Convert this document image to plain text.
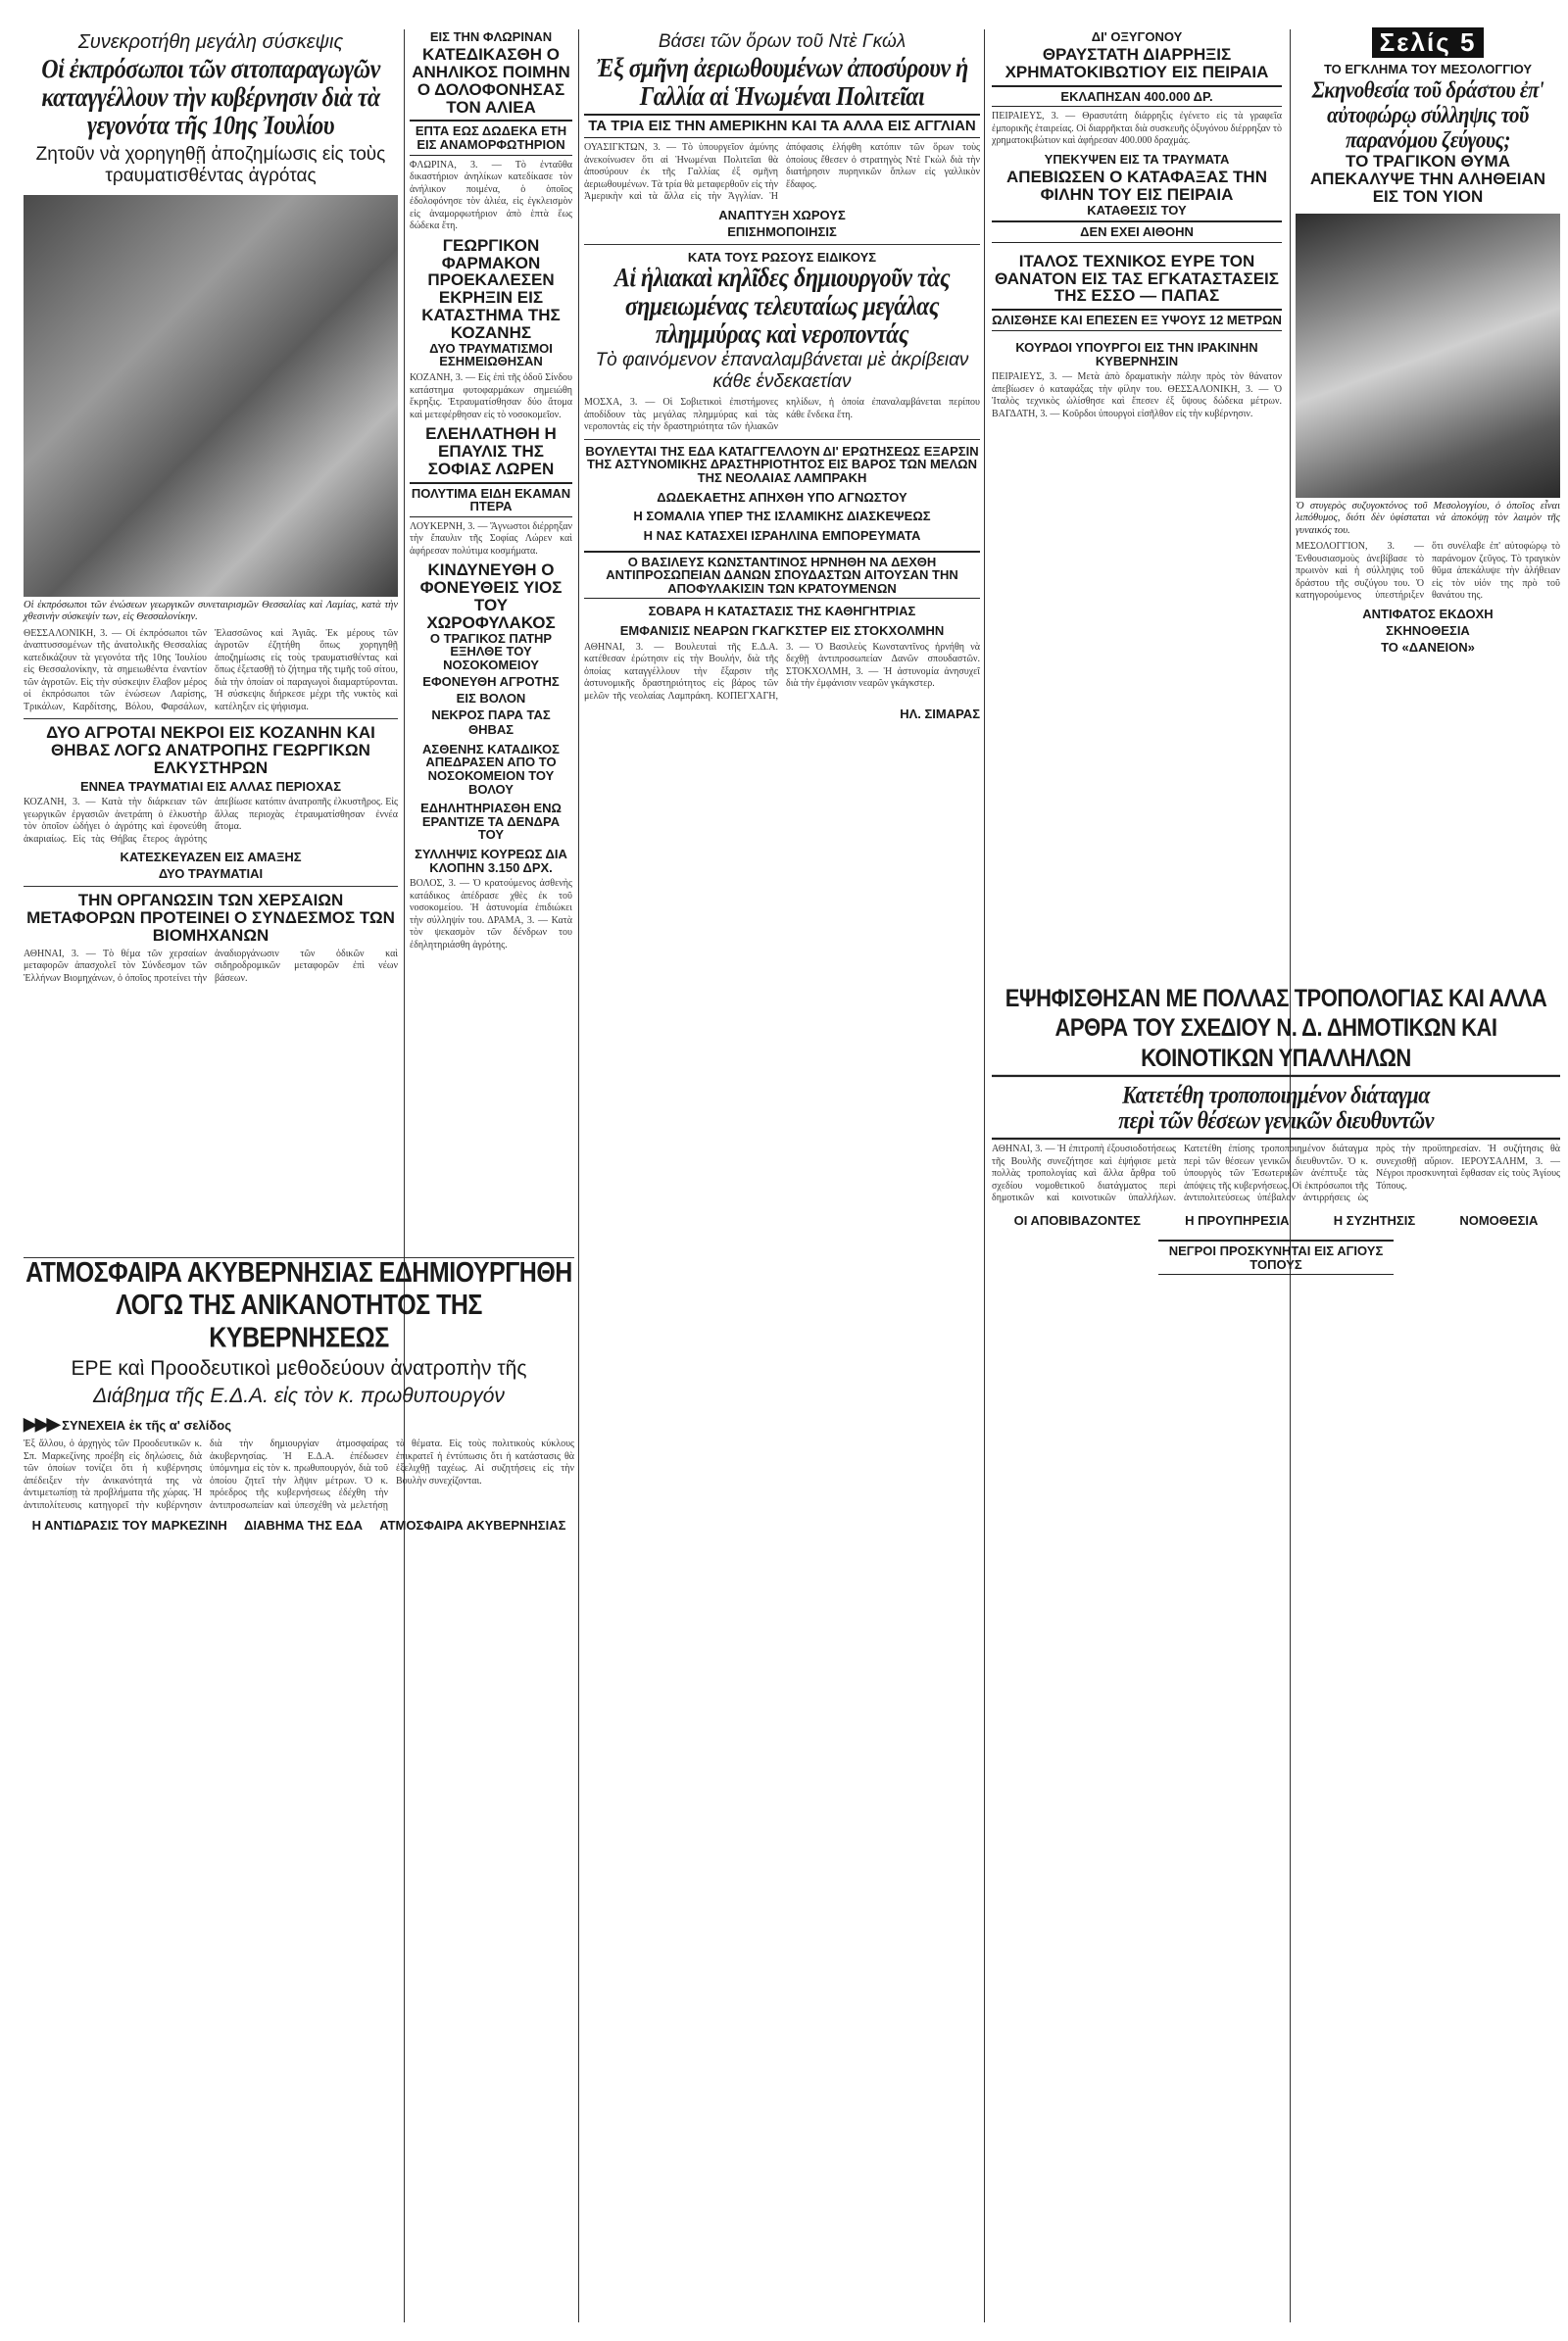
Συνεκροτήθη μεγάλη σύσκεψις
Οἱ ἐκπρόσωποι τῶν σιτοπαραγωγῶν καταγγέλλουν τὴν κυβέρνησιν διὰ τὰ γεγονότα τῆς 10ης Ἰουλίου
Ζητοῦν νὰ χορηγηθῇ ἀποζημίωσις εἰς τοὺς τραυματισθέντας ἀγρότας
Οἱ ἐκπρόσωποι τῶν ἑνώσεων γεωργικῶν συνεταιρισμῶν Θεσσαλίας καὶ Λαμίας, κατὰ τὴν χθεσινὴν σύσκεψίν των, εἰς Θεσσαλονίκην.
ΘΕΣΣΑΛΟΝΙΚΗ, 3. — Οἱ ἐκπρόσωποι τῶν ἀναπτυσσομένων τῆς ἀνατολικῆς Θεσσαλίας κατεδικάζουν τὰ γεγονότα τῆς 10ης Ἰουλίου εἰς Θεσσαλονίκην, τὰ σημειωθέντα ἐναντίον τῶν ἀγροτῶν. Εἰς τὴν σύσκεψιν ἔλαβον μέρος οἱ ἐκπρόσωποι τῶν ἑνώσεων Λαρίσης, Τρικάλων, Καρδίτσης, Βόλου, Φαρσάλων, Ἐλασσῶνος καὶ Ἀγιᾶς. Ἐκ μέρους τῶν ἀγροτῶν ἐζητήθη ὅπως χορηγηθῇ ἀποζημίωσις εἰς τοὺς τραυματισθέντας καὶ ὅπως ἐξετασθῇ τὸ ζήτημα τῆς τιμῆς τοῦ σίτου, διὰ τὴν ὁποίαν οἱ παραγωγοὶ διαμαρτύρονται. Ἡ σύσκεψις διήρκεσε μέχρι τῆς νυκτὸς καὶ κατέληξεν εἰς ψήφισμα.
ΔΥΟ ΑΓΡΟΤΑΙ ΝΕΚΡΟΙ ΕΙΣ ΚΟΖΑΝΗΝ ΚΑΙ ΘΗΒΑΣ ΛΟΓΩ ΑΝΑΤΡΟΠΗΣ ΓΕΩΡΓΙΚΩΝ ΕΛΚΥΣΤΗΡΩΝ
ΕΝΝΕΑ ΤΡΑΥΜΑΤΙΑΙ ΕΙΣ ΑΛΛΑΣ ΠΕΡΙΟΧΑΣ
ΚΟΖΑΝΗ, 3. — Κατὰ τὴν διάρκειαν τῶν γεωργικῶν ἐργασιῶν ἀνετράπη ὁ ἐλκυστὴρ τὸν ὁποῖον ὡδήγει ὁ ἀγρότης καὶ ἐφονεύθη ἀκαριαίως. Εἰς τὰς Θήβας ἕτερος ἀγρότης ἀπεβίωσε κατόπιν ἀνατροπῆς ἐλκυστῆρος. Εἰς ἄλλας περιοχὰς ἐτραυματίσθησαν ἐννέα ἄτομα.
ΚΑΤΕΣΚΕΥΑΖΕΝ ΕΙΣ ΑΜΑΞΗΣ
ΔΥΟ ΤΡΑΥΜΑΤΙΑΙ
ΤΗΝ ΟΡΓΑΝΩΣΙΝ ΤΩΝ ΧΕΡΣΑΙΩΝ ΜΕΤΑΦΟΡΩΝ ΠΡΟΤΕΙΝΕΙ Ο ΣΥΝΔΕΣΜΟΣ ΤΩΝ ΒΙΟΜΗΧΑΝΩΝ
ΑΘΗΝΑΙ, 3. — Τὸ θέμα τῶν χερσαίων μεταφορῶν ἀπασχολεῖ τὸν Σύνδεσμον τῶν Ἑλλήνων Βιομηχάνων, ὁ ὁποῖος προτείνει τὴν ἀναδιοργάνωσιν τῶν ὁδικῶν καὶ σιδηροδρομικῶν μεταφορῶν ἐπὶ νέων βάσεων.
ΕΙΣ ΤΗΝ ΦΛΩΡΙΝΑΝ
ΚΑΤΕΔΙΚΑΣΘΗ Ο ΑΝΗΛΙΚΟΣ ΠΟΙΜΗΝ Ο ΔΟΛΟΦΟΝΗΣΑΣ ΤΟΝ ΑΛΙΕΑ
ΕΠΤΑ ΕΩΣ ΔΩΔΕΚΑ ΕΤΗ ΕΙΣ ΑΝΑΜΟΡΦΩΤΗΡΙΟΝ
ΦΛΩΡΙΝΑ, 3. — Τὸ ἐνταῦθα δικαστήριον ἀνηλίκων κατεδίκασε τὸν ἀνήλικον ποιμένα, ὁ ὁποῖος ἐδολοφόνησε τὸν ἁλιέα, εἰς ἐγκλεισμὸν εἰς ἀναμορφωτήριον ἀπὸ ἑπτὰ ἕως δώδεκα ἔτη.
ΓΕΩΡΓΙΚΟΝ ΦΑΡΜΑΚΟΝ ΠΡΟΕΚΑΛΕΣΕΝ ΕΚΡΗΞΙΝ ΕΙΣ ΚΑΤΑΣΤΗΜΑ ΤΗΣ ΚΟΖΑΝΗΣ
ΔΥΟ ΤΡΑΥΜΑΤΙΣΜΟΙ
ΕΣΗΜΕΙΩΘΗΣΑΝ
ΚΟΖΑΝΗ, 3. — Εἰς ἐπὶ τῆς ὁδοῦ Σίνδου κατάστημα φυτοφαρμάκων σημειώθη ἔκρηξις. Ἐτραυματίσθησαν δύο ἄτομα καὶ μετεφέρθησαν εἰς τὸ νοσοκομεῖον.
ΕΛΕΗΛΑΤΗΘΗ Η ΕΠΑΥΛΙΣ ΤΗΣ ΣΟΦΙΑΣ ΛΩΡΕΝ
ΠΟΛΥΤΙΜΑ ΕΙΔΗ ΕΚΑΜΑΝ ΠΤΕΡΑ
ΛΟΥΚΕΡΝΗ, 3. — Ἄγνωστοι διέρρηξαν τὴν ἔπαυλιν τῆς Σοφίας Λώρεν καὶ ἀφήρεσαν πολύτιμα κοσμήματα.
ΚΙΝΔΥΝΕΥΘΗ Ο ΦΟΝΕΥΘΕΙΣ ΥΙΟΣ ΤΟΥ ΧΩΡΟΦΥΛΑΚΟΣ
Ο ΤΡΑΓΙΚΟΣ ΠΑΤΗΡ
ΕΞΗΛΘΕ ΤΟΥ ΝΟΣΟΚΟΜΕΙΟΥ
ΕΦΟΝΕΥΘΗ ΑΓΡΟΤΗΣ
ΕΙΣ ΒΟΛΟΝ
ΝΕΚΡΟΣ ΠΑΡΑ ΤΑΣ ΘΗΒΑΣ
ΑΣΘΕΝΗΣ ΚΑΤΑΔΙΚΟΣ ΑΠΕΔΡΑΣΕΝ ΑΠΟ ΤΟ ΝΟΣΟΚΟΜΕΙΟΝ ΤΟΥ ΒΟΛΟΥ
ΕΔΗΛΗΤΗΡΙΑΣΘΗ ΕΝΩ ΕΡΑΝΤΙΖΕ ΤΑ ΔΕΝΔΡΑ ΤΟΥ
ΣΥΛΛΗΨΙΣ ΚΟΥΡΕΩΣ ΔΙΑ ΚΛΟΠΗΝ 3.150 ΔΡΧ.
ΒΟΛΟΣ, 3. — Ὁ κρατούμενος ἀσθενὴς κατάδικος ἀπέδρασε χθὲς ἐκ τοῦ νοσοκομείου. Ἡ ἀστυνομία ἐπιδιώκει τὴν σύλληψίν του. ΔΡΑΜΑ, 3. — Κατὰ τὸν ψεκασμὸν τῶν δένδρων του ἐδηλητηριάσθη ἀγρότης.
Βάσει τῶν ὅρων τοῦ Ντὲ Γκώλ
Ἐξ σμῆνη ἀεριωθουμένων ἀποσύρουν ἡ Γαλλία αἱ Ἡνωμέναι Πολιτεῖαι
ΤΑ ΤΡΙΑ ΕΙΣ ΤΗΝ ΑΜΕΡΙΚΗΝ ΚΑΙ ΤΑ ΑΛΛΑ ΕΙΣ ΑΓΓΛΙΑΝ
ΟΥΑΣΙΓΚΤΩΝ, 3. — Τὸ ὑπουργεῖον ἀμύνης ἀνεκοίνωσεν ὅτι αἱ Ἡνωμέναι Πολιτεῖαι θὰ ἀποσύρουν ἐκ τῆς Γαλλίας ἐξ σμῆνη ἀεριωθουμένων. Τὰ τρία θὰ μεταφερθοῦν εἰς τὴν Ἀμερικὴν καὶ τὰ ἄλλα εἰς τὴν Ἀγγλίαν. Ἡ ἀπόφασις ἐλήφθη κατόπιν τῶν ὅρων τοὺς ὁποίους ἔθεσεν ὁ στρατηγὸς Ντὲ Γκὼλ διὰ τὴν διατήρησιν πυρηνικῶν ὅπλων εἰς γαλλικὸν ἔδαφος.
ΑΝΑΠΤΥΞΗ ΧΩΡΟΥΣ
ΕΠΙΣΗΜΟΠΟΙΗΣΙΣ
ΚΑΤΑ ΤΟΥΣ ΡΩΣΟΥΣ ΕΙΔΙΚΟΥΣ
Αἱ ἡλιακαὶ κηλῖδες δημιουργοῦν τὰς σημειωμένας τελευταίως μεγάλας πλημμύρας καὶ νεροποντάς
Τὸ φαινόμενον ἐπαναλαμβάνεται μὲ ἀκρίβειαν κάθε ἑνδεκαετίαν
ΜΟΣΧΑ, 3. — Οἱ Σοβιετικοὶ ἐπιστήμονες ἀποδίδουν τὰς μεγάλας πλημμύρας καὶ τὰς νεροποντὰς εἰς τὴν δραστηριότητα τῶν ἡλιακῶν κηλίδων, ἡ ὁποία ἐπαναλαμβάνεται περίπου κάθε ἕνδεκα ἔτη.
ΒΟΥΛΕΥΤΑΙ ΤΗΣ ΕΔΑ ΚΑΤΑΓΓΕΛΛΟΥΝ ΔΙ' ΕΡΩΤΗΣΕΩΣ ΕΞΑΡΣΙΝ ΤΗΣ ΑΣΤΥΝΟΜΙΚΗΣ ΔΡΑΣΤΗΡΙΟΤΗΤΟΣ ΕΙΣ ΒΑΡΟΣ ΤΩΝ ΜΕΛΩΝ ΤΗΣ ΝΕΟΛΑΙΑΣ ΛΑΜΠΡΑΚΗ
ΔΩΔΕΚΑΕΤΗΣ ΑΠΗΧΘΗ ΥΠΟ ΑΓΝΩΣΤΟΥ
Η ΣΟΜΑΛΙΑ ΥΠΕΡ ΤΗΣ ΙΣΛΑΜΙΚΗΣ ΔΙΑΣΚΕΨΕΩΣ
Η ΝΑΣ ΚΑΤΑΣΧΕΙ ΙΣΡΑΗΛΙΝΑ ΕΜΠΟΡΕΥΜΑΤΑ
Ο ΒΑΣΙΛΕΥΣ ΚΩΝΣΤΑΝΤΙΝΟΣ ΗΡΝΗΘΗ ΝΑ ΔΕΧΘΗ ΑΝΤΙΠΡΟΣΩΠΕΙΑΝ ΔΑΝΩΝ ΣΠΟΥΔΑΣΤΩΝ ΑΙΤΟΥΣΑΝ ΤΗΝ ΑΠΟΦΥΛΑΚΙΣΙΝ ΤΩΝ ΚΡΑΤΟΥΜΕΝΩΝ
ΣΟΒΑΡΑ Η ΚΑΤΑΣΤΑΣΙΣ ΤΗΣ ΚΑΘΗΓΗΤΡΙΑΣ
ΕΜΦΑΝΙΣΙΣ ΝΕΑΡΩΝ ΓΚΑΓΚΣΤΕΡ ΕΙΣ ΣΤΟΚΧΟΛΜΗΝ
ΑΘΗΝΑΙ, 3. — Βουλευταὶ τῆς Ε.Δ.Α. κατέθεσαν ἐρώτησιν εἰς τὴν Βουλήν, διὰ τῆς ὁποίας καταγγέλλουν τὴν ἔξαρσιν τῆς ἀστυνομικῆς δραστηριότητος εἰς βάρος τῶν μελῶν τῆς νεολαίας Λαμπράκη. ΚΟΠΕΓΧΑΓΗ, 3. — Ὁ Βασιλεὺς Κωνσταντῖνος ἠρνήθη νὰ δεχθῇ ἀντιπροσωπείαν Δανῶν σπουδαστῶν. ΣΤΟΚΧΟΛΜΗ, 3. — Ἡ ἀστυνομία ἀνησυχεῖ διὰ τὴν ἐμφάνισιν νεαρῶν γκάγκστερ.
ΗΛ. ΣΙΜΑΡΑΣ
ΔΙ' ΟΞΥΓΟΝΟΥ
ΘΡΑΥΣΤΑΤΗ ΔΙΑΡΡΗΞΙΣ ΧΡΗΜΑΤΟΚΙΒΩΤΙΟΥ ΕΙΣ ΠΕΙΡΑΙΑ
ΕΚΛΑΠΗΣΑΝ 400.000 ΔΡ.
ΠΕΙΡΑΙΕΥΣ, 3. — Θρασυτάτη διάρρηξις ἐγένετο εἰς τὰ γραφεῖα ἐμπορικῆς ἑταιρείας. Οἱ διαρρῆκται διὰ συσκευῆς ὀξυγόνου διέρρηξαν τὸ χρηματοκιβώτιον καὶ ἀφήρεσαν 400.000 δραχμάς.
ΥΠΕΚΥΨΕΝ ΕΙΣ ΤΑ ΤΡΑΥΜΑΤΑ
ΑΠΕΒΙΩΣΕΝ Ο ΚΑΤΑΦΑΞΑΣ ΤΗΝ ΦΙΛΗΝ ΤΟΥ ΕΙΣ ΠΕΙΡΑΙΑ
ΚΑΤΑΘΕΣΙΣ ΤΟΥ
ΔΕΝ ΕΧΕΙ ΑΙΘΟΗΝ
ΙΤΑΛΟΣ ΤΕΧΝΙΚΟΣ ΕΥΡΕ ΤΟΝ ΘΑΝΑΤΟΝ ΕΙΣ ΤΑΣ ΕΓΚΑΤΑΣΤΑΣΕΙΣ ΤΗΣ ΕΣΣΟ — ΠΑΠΑΣ
ΩΛΙΣΘΗΣΕ ΚΑΙ ΕΠΕΣΕΝ ΕΞ ΥΨΟΥΣ 12 ΜΕΤΡΩΝ
ΚΟΥΡΔΟΙ ΥΠΟΥΡΓΟΙ ΕΙΣ ΤΗΝ ΙΡΑΚΙΝΗΝ ΚΥΒΕΡΝΗΣΙΝ
ΠΕΙΡΑΙΕΥΣ, 3. — Μετὰ ἀπὸ δραματικὴν πάλην πρὸς τὸν θάνατον ἀπεβίωσεν ὁ καταφάξας τὴν φίλην του. ΘΕΣΣΑΛΟΝΙΚΗ, 3. — Ὁ Ἰταλὸς τεχνικὸς ὠλίσθησε καὶ ἔπεσεν ἐξ ὕψους δώδεκα μέτρων. ΒΑΓΔΑΤΗ, 3. — Κοῦρδοι ὑπουργοὶ εἰσῆλθον εἰς τὴν κυβέρνησιν.
Σελίς 5
ΤΟ ΕΓΚΛΗΜΑ ΤΟΥ ΜΕΣΟΛΟΓΓΙΟΥ
Σκηνοθεσία τοῦ δράστου ἐπ' αὐτοφώρῳ σύλληψις τοῦ παρανόμου ζεύγους;
ΤΟ ΤΡΑΓΙΚΟΝ ΘΥΜΑ ΑΠΕΚΑΛΥΨΕ ΤΗΝ ΑΛΗΘΕΙΑΝ ΕΙΣ ΤΟΝ ΥΙΟΝ
Ὁ στυγερὸς συζυγοκτόνος τοῦ Μεσολογγίου, ὁ ὁποῖος εἶναι λιπόθυμος, διότι δὲν ὑφίσταται νὰ ἀποκόψῃ τὸν λαιμὸν τῆς γυναικός του.
ΜΕΣΟΛΟΓΓΙΟΝ, 3. — Ἐνθουσιασμοὺς ἀνεβίβασε τὸ πρωινὸν καὶ ἡ σύλληψις τοῦ δράστου τῆς συζύγου του. Ὁ κατηγορούμενος ὑπεστήριξεν ὅτι συνέλαβε ἐπ' αὐτοφώρῳ τὸ παράνομον ζεῦγος. Τὸ τραγικὸν θῦμα ἀπεκάλυψε τὴν ἀλήθειαν εἰς τὸν υἱόν της πρὸ τοῦ θανάτου της.
ΑΝΤΙΦΑΤΟΣ ΕΚΔΟΧΗ
ΣΚΗΝΟΘΕΣΙΑ
ΤΟ «ΔΑΝΕΙΟΝ»
ΕΨΗΦΙΣΘΗΣΑΝ ΜΕ ΠΟΛΛΑΣ ΤΡΟΠΟΛΟΓΙΑΣ ΚΑΙ ΑΛΛΑ ΑΡΘΡΑ ΤΟΥ ΣΧΕΔΙΟΥ Ν. Δ. ΔΗΜΟΤΙΚΩΝ ΚΑΙ ΚΟΙΝΟΤΙΚΩΝ ΥΠΑΛΛΗΛΩΝ
Κατετέθη τροποποιημένον διάταγμα
περὶ τῶν θέσεων γενικῶν διευθυντῶν
ΑΘΗΝΑΙ, 3. — Ἡ ἐπιτροπὴ ἐξουσιοδοτήσεως τῆς Βουλῆς συνεζήτησε καὶ ἐψήφισε μετὰ πολλὰς τροπολογίας καὶ ἄλλα ἄρθρα τοῦ σχεδίου νομοθετικοῦ διατάγματος περὶ δημοτικῶν καὶ κοινοτικῶν ὑπαλλήλων. Κατετέθη ἐπίσης τροποποιημένον διάταγμα περὶ τῶν θέσεων γενικῶν διευθυντῶν. Ὁ κ. ὑπουργὸς τῶν Ἐσωτερικῶν ἀνέπτυξε τὰς ἀπόψεις τῆς κυβερνήσεως. Οἱ ἐκπρόσωποι τῆς ἀντιπολιτεύσεως ὑπέβαλον ἀντιρρήσεις ὡς πρὸς τὴν προϋπηρεσίαν. Ἡ συζήτησις θὰ συνεχισθῇ αὔριον. ΙΕΡΟΥΣΑΛΗΜ, 3. — Νέγροι προσκυνηταὶ ἔφθασαν εἰς τοὺς Ἁγίους Τόπους.
ΟΙ ΑΠΟΒΙΒΑΖΟΝΤΕΣ	Η ΠΡΟΥΠΗΡΕΣΙΑ	Η ΣΥΖΗΤΗΣΙΣ	ΝΟΜΟΘΕΣΙΑ
ΝΕΓΡΟΙ ΠΡΟΣΚΥΝΗΤΑΙ ΕΙΣ ΑΓΙΟΥΣ ΤΟΠΟΥΣ
ΑΤΜΟΣΦΑΙΡΑ ΑΚΥΒΕΡΝΗΣΙΑΣ ΕΔΗΜΙΟΥΡΓΗΘΗ ΛΟΓΩ ΤΗΣ ΑΝΙΚΑΝΟΤΗΤΟΣ ΤΗΣ ΚΥΒΕΡΝΗΣΕΩΣ
ΕΡΕ καὶ Προοδευτικοὶ μεθοδεύουν ἀνατροπὴν τῆς
Διάβημα τῆς Ε.Δ.Α. εἰς τὸν κ. πρωθυπουργόν
▶▶▶ ΣΥΝΕΧΕΙΑ ἐκ τῆς α' σελίδος
Ἐξ ἄλλου, ὁ ἀρχηγὸς τῶν Προοδευτικῶν κ. Σπ. Μαρκεζίνης προέβη εἰς δηλώσεις, διὰ τῶν ὁποίων τονίζει ὅτι ἡ κυβέρνησις ἀπέδειξεν τὴν ἀνικανότητά της νὰ ἀντιμετωπίσῃ τὰ προβλήματα τῆς χώρας. Ἡ ἀντιπολίτευσις κατηγορεῖ τὴν κυβέρνησιν διὰ τὴν δημιουργίαν ἀτμοσφαίρας ἀκυβερνησίας. Ἡ Ε.Δ.Α. ἐπέδωσεν ὑπόμνημα εἰς τὸν κ. πρωθυπουργόν, διὰ τοῦ ὁποίου ζητεῖ τὴν λῆψιν μέτρων. Ὁ κ. πρόεδρος τῆς κυβερνήσεως ἐδέχθη τὴν ἀντιπροσωπείαν καὶ ὑπεσχέθη νὰ μελετήσῃ τὰ θέματα. Εἰς τοὺς πολιτικοὺς κύκλους ἐπικρατεῖ ἡ ἐντύπωσις ὅτι ἡ κατάστασις θὰ ἐξελιχθῇ ταχέως. Αἱ συζητήσεις εἰς τὴν Βουλὴν συνεχίζονται.
Η ΑΝΤΙΔΡΑΣΙΣ ΤΟΥ ΜΑΡΚΕΖΙΝΗ ΔΙΑΒΗΜΑ ΤΗΣ ΕΔΑ ΑΤΜΟΣΦΑΙΡΑ ΑΚΥΒΕΡΝΗΣΙΑΣ
